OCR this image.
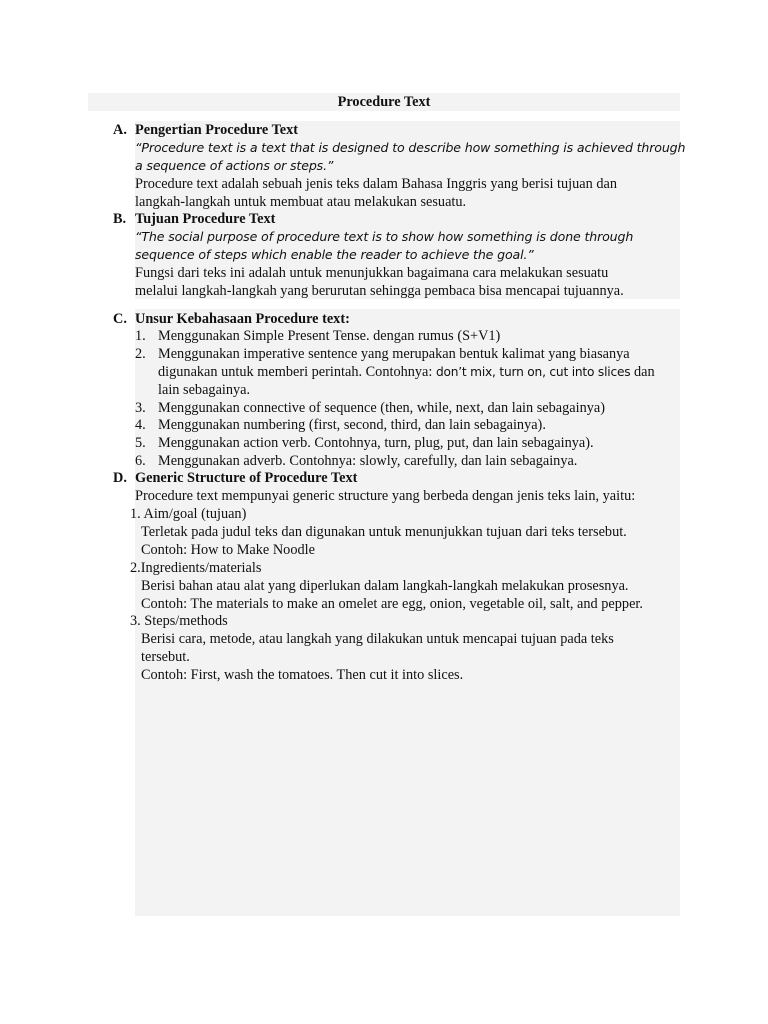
Procedure Text
A. Pengertian Procedure Text
“Procedure text is a text that is designed to describe how something is achieved through
a sequence of actions or steps.”
Procedure text adalah sebuah jenis teks dalam Bahasa Inggris yang berisi tujuan dan
langkah-langkah untuk membuat atau melakukan sesuatu.
B. Tujuan Procedure Text
“The social purpose of procedure text is to show how something is done through
sequence of steps which enable the reader to achieve the goal.”
Fungsi dari teks ini adalah untuk menunjukkan bagaimana cara melakukan sesuatu
melalui langkah-langkah yang berurutan sehingga pembaca bisa mencapai tujuannya.
C. Unsur Kebahasaan Procedure text:
1. Menggunakan Simple Present Tense. dengan rumus (S+V1)
2. Menggunakan imperative sentence yang merupakan bentuk kalimat yang biasanya
digunakan untuk memberi perintah. Contohnya: don’t mix, turn on, cut into slices dan
lain sebagainya.
3. Menggunakan connective of sequence (then, while, next, dan lain sebagainya)
4. Menggunakan numbering (first, second, third, dan lain sebagainya).
5. Menggunakan action verb. Contohnya, turn, plug, put, dan lain sebagainya).
6. Menggunakan adverb. Contohnya: slowly, carefully, dan lain sebagainya.
D. Generic Structure of Procedure Text
Procedure text mempunyai generic structure yang berbeda dengan jenis teks lain, yaitu:
1. Aim/goal (tujuan)
Terletak pada judul teks dan digunakan untuk menunjukkan tujuan dari teks tersebut.
Contoh: How to Make Noodle
2.Ingredients/materials
Berisi bahan atau alat yang diperlukan dalam langkah-langkah melakukan prosesnya.
Contoh: The materials to make an omelet are egg, onion, vegetable oil, salt, and pepper.
3. Steps/methods
Berisi cara, metode, atau langkah yang dilakukan untuk mencapai tujuan pada teks
tersebut.
Contoh: First, wash the tomatoes. Then cut it into slices.
